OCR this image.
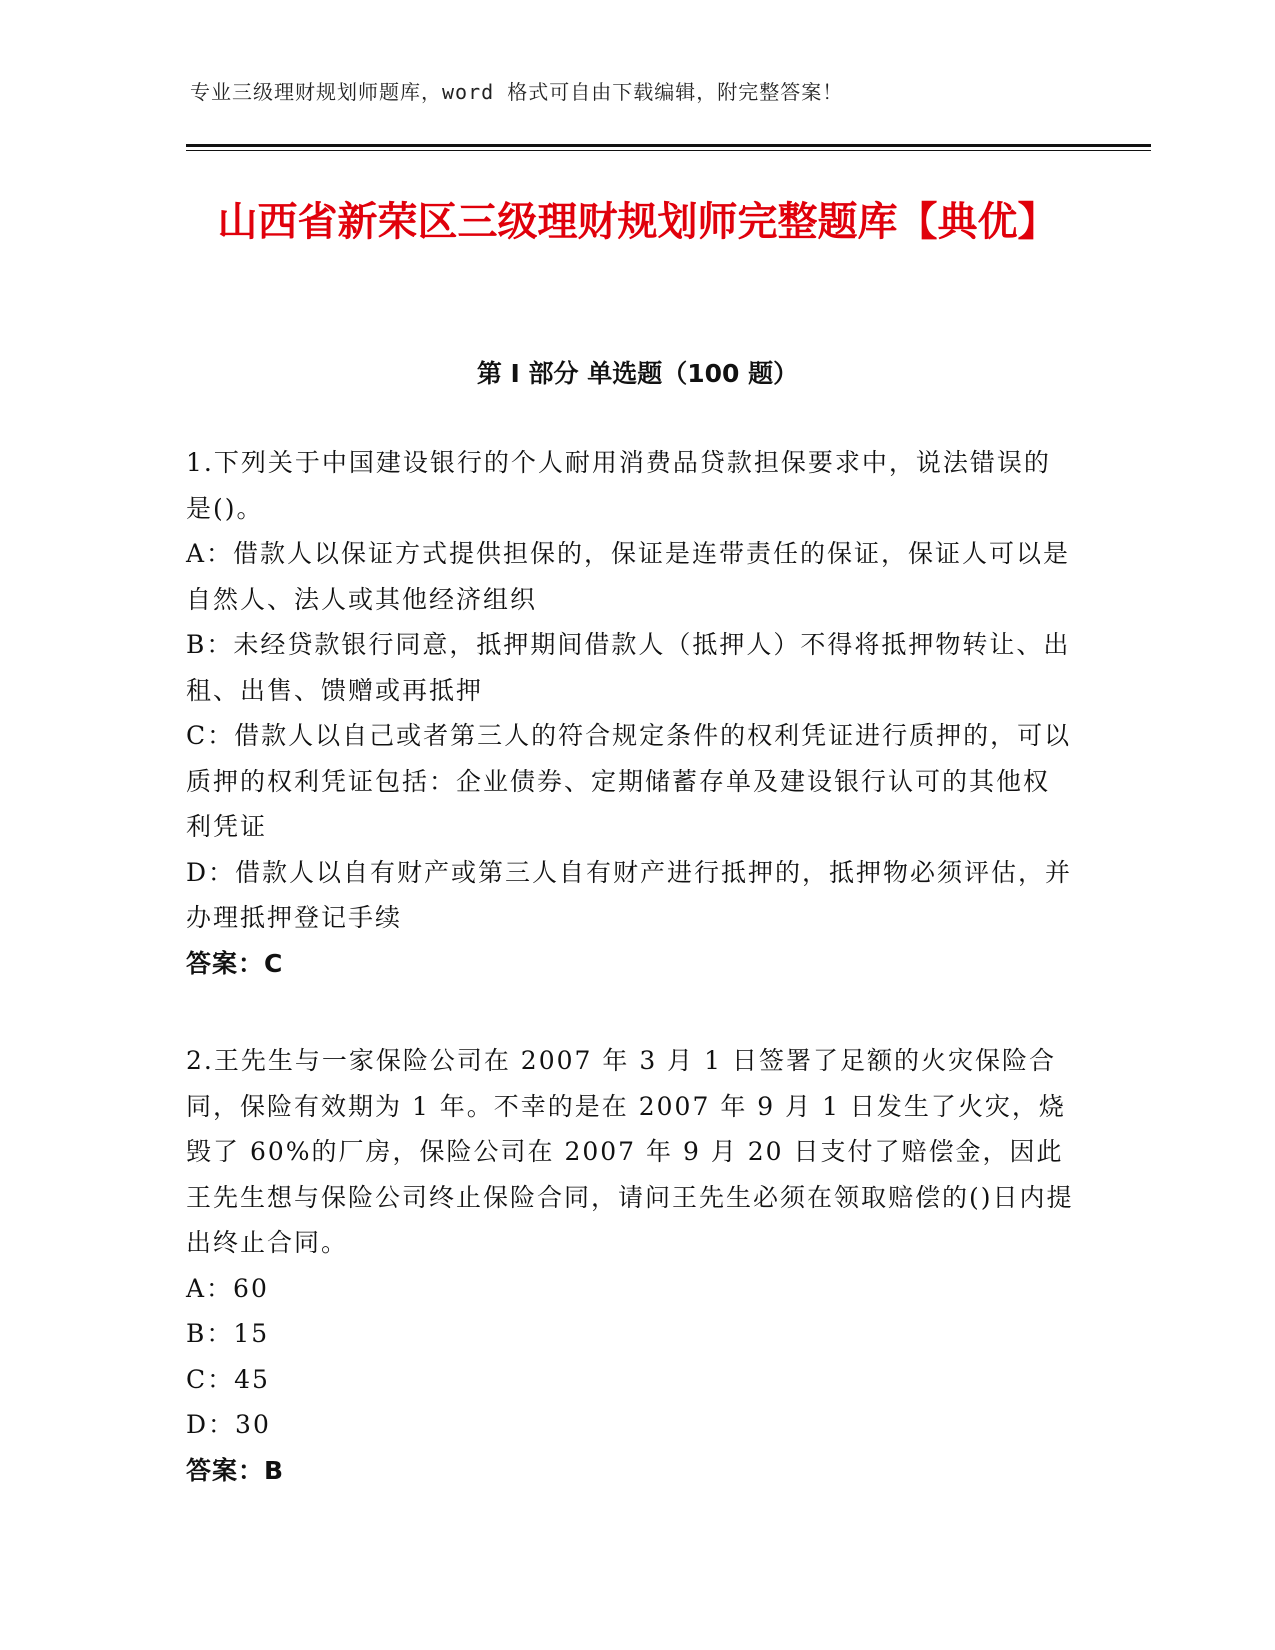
专业三级理财规划师题库，word 格式可自由下载编辑，附完整答案！
山西省新荣区三级理财规划师完整题库【典优】
第 I 部分 单选题（100 题）

1.下列关于中国建设银行的个人耐用消费品贷款担保要求中，说法错误的是()。

A：借款人以保证方式提供担保的，保证是连带责任的保证，保证人可以是自然人、法人或其他经济组织

B：未经贷款银行同意，抵押期间借款人（抵押人）不得将抵押物转让、出租、出售、馈赠或再抵押

C：借款人以自己或者第三人的符合规定条件的权利凭证进行质押的，可以质押的权利凭证包括：企业债券、定期储蓄存单及建设银行认可的其他权利凭证

D：借款人以自有财产或第三人自有财产进行抵押的，抵押物必须评估，并办理抵押登记手续

答案：C

2.王先生与一家保险公司在 2007 年 3 月 1 日签署了足额的火灾保险合同，保险有效期为 1 年。不幸的是在 2007 年 9 月 1 日发生了火灾，烧毁了 60%的厂房，保险公司在 2007 年 9 月 20 日支付了赔偿金，因此王先生想与保险公司终止保险合同，请问王先生必须在领取赔偿的()日内提出终止合同。

A：60

B：15

C：45

D：30

答案：B
